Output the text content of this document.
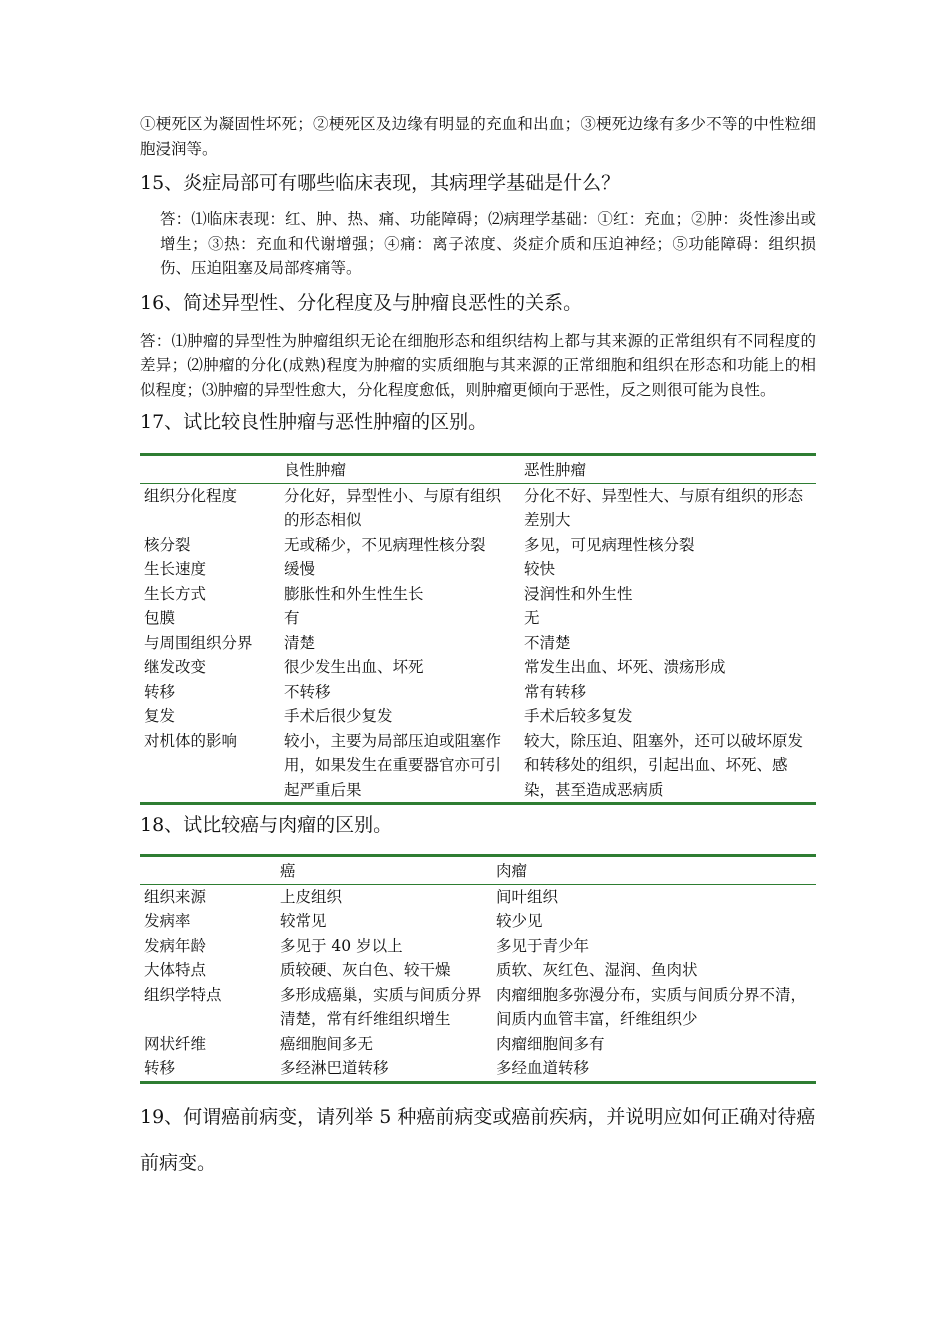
①梗死区为凝固性坏死；②梗死区及边缘有明显的充血和出血；③梗死边缘有多少不等的中性粒细胞浸润等。

15、炎症局部可有哪些临床表现，其病理学基础是什么？

答：⑴临床表现：红、肿、热、痛、功能障碍；⑵病理学基础：①红：充血；②肿：炎性渗出或增生；③热：充血和代谢增强；④痛：离子浓度、炎症介质和压迫神经；⑤功能障碍：组织损伤、压迫阻塞及局部疼痛等。

16、简述异型性、分化程度及与肿瘤良恶性的关系。

答：⑴肿瘤的异型性为肿瘤组织无论在细胞形态和组织结构上都与其来源的正常组织有不同程度的差异；⑵肿瘤的分化(成熟)程度为肿瘤的实质细胞与其来源的正常细胞和组织在形态和功能上的相似程度；⑶肿瘤的异型性愈大，分化程度愈低，则肿瘤更倾向于恶性，反之则很可能为良性。

17、试比较良性肿瘤与恶性肿瘤的区别。

	良性肿瘤	恶性肿瘤
组织分化程度	分化好，异型性小、与原有组织的形态相似	分化不好、异型性大、与原有组织的形态差别大
核分裂	无或稀少，不见病理性核分裂	多见，可见病理性核分裂
生长速度	缓慢	较快
生长方式	膨胀性和外生性生长	浸润性和外生性
包膜	有	无
与周围组织分界	清楚	不清楚
继发改变	很少发生出血、坏死	常发生出血、坏死、溃疡形成
转移	不转移	常有转移
复发	手术后很少复发	手术后较多复发
对机体的影响	较小，主要为局部压迫或阻塞作用，如果发生在重要器官亦可引起严重后果	较大，除压迫、阻塞外，还可以破坏原发和转移处的组织，引起出血、坏死、感染，甚至造成恶病质

18、试比较癌与肉瘤的区别。

	癌	肉瘤
组织来源	上皮组织	间叶组织
发病率	较常见	较少见
发病年龄	多见于 40 岁以上	多见于青少年
大体特点	质较硬、灰白色、较干燥	质软、灰红色、湿润、鱼肉状
组织学特点	多形成癌巢，实质与间质分界清楚，常有纤维组织增生	肉瘤细胞多弥漫分布，实质与间质分界不清，间质内血管丰富，纤维组织少
网状纤维	癌细胞间多无	肉瘤细胞间多有
转移	多经淋巴道转移	多经血道转移

19、何谓癌前病变，请列举 5 种癌前病变或癌前疾病，并说明应如何正确对待癌前病变。
